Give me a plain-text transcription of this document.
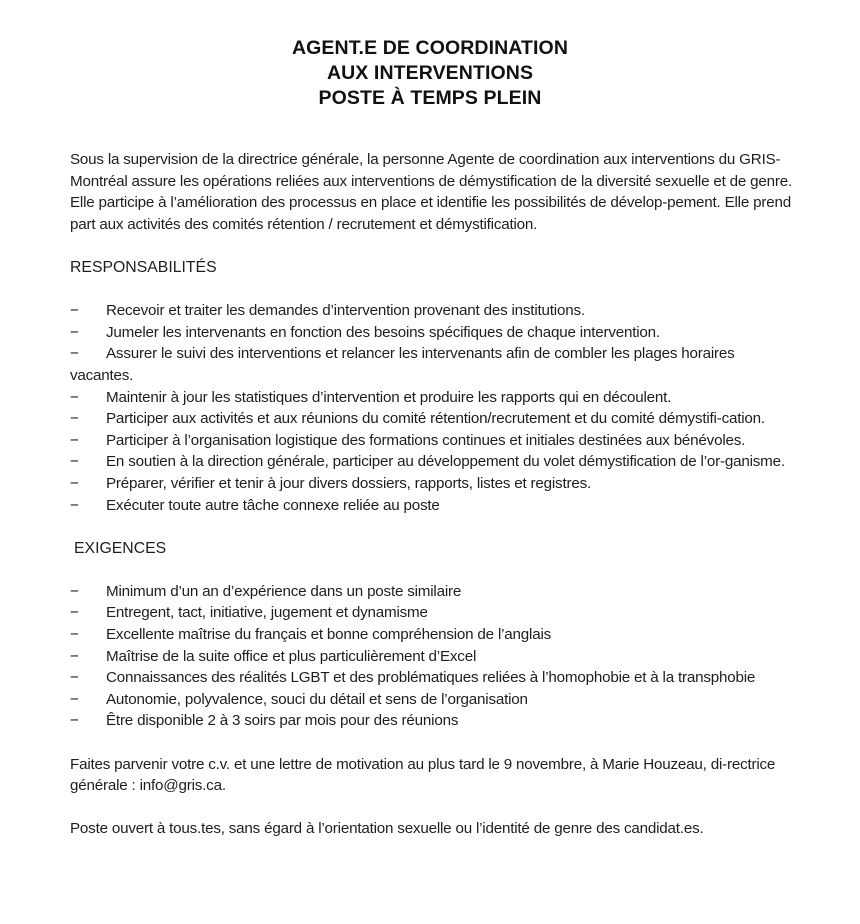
AGENT.E DE COORDINATION
AUX INTERVENTIONS
POSTE À TEMPS PLEIN

Sous la supervision de la directrice générale, la personne Agente de coordination aux interventions du GRIS-Montréal assure les opérations reliées aux interventions de démystification de la diversité sexuelle et de genre. Elle participe à l’amélioration des processus en place et identifie les possibilités de dévelop-pement. Elle prend part aux activités des comités rétention / recrutement et démystification.

RESPONSABILITÉS

− Recevoir et traiter les demandes d’intervention provenant des institutions.
− Jumeler les intervenants en fonction des besoins spécifiques de chaque intervention.
− Assurer le suivi des interventions et relancer les intervenants afin de combler les plages horaires vacantes.
− Maintenir à jour les statistiques d’intervention et produire les rapports qui en découlent.
− Participer aux activités et aux réunions du comité rétention/recrutement et du comité démystifi-cation.
− Participer à l’organisation logistique des formations continues et initiales destinées aux bénévoles.
− En soutien à la direction générale, participer au développement du volet démystification de l’or-ganisme.
− Préparer, vérifier et tenir à jour divers dossiers, rapports, listes et registres.
− Exécuter toute autre tâche connexe reliée au poste

EXIGENCES

− Minimum d’un an d’expérience dans un poste similaire
− Entregent, tact, initiative, jugement et dynamisme
− Excellente maîtrise du français et bonne compréhension de l’anglais
− Maîtrise de la suite office et plus particulièrement d’Excel
− Connaissances des réalités LGBT et des problématiques reliées à l’homophobie et à la transphobie
− Autonomie, polyvalence, souci du détail et sens de l’organisation
− Être disponible 2 à 3 soirs par mois pour des réunions

Faites parvenir votre c.v. et une lettre de motivation au plus tard le 9 novembre, à Marie Houzeau, di-rectrice générale : info@gris.ca.

Poste ouvert à tous.tes, sans égard à l’orientation sexuelle ou l’identité de genre des candidat.es.
